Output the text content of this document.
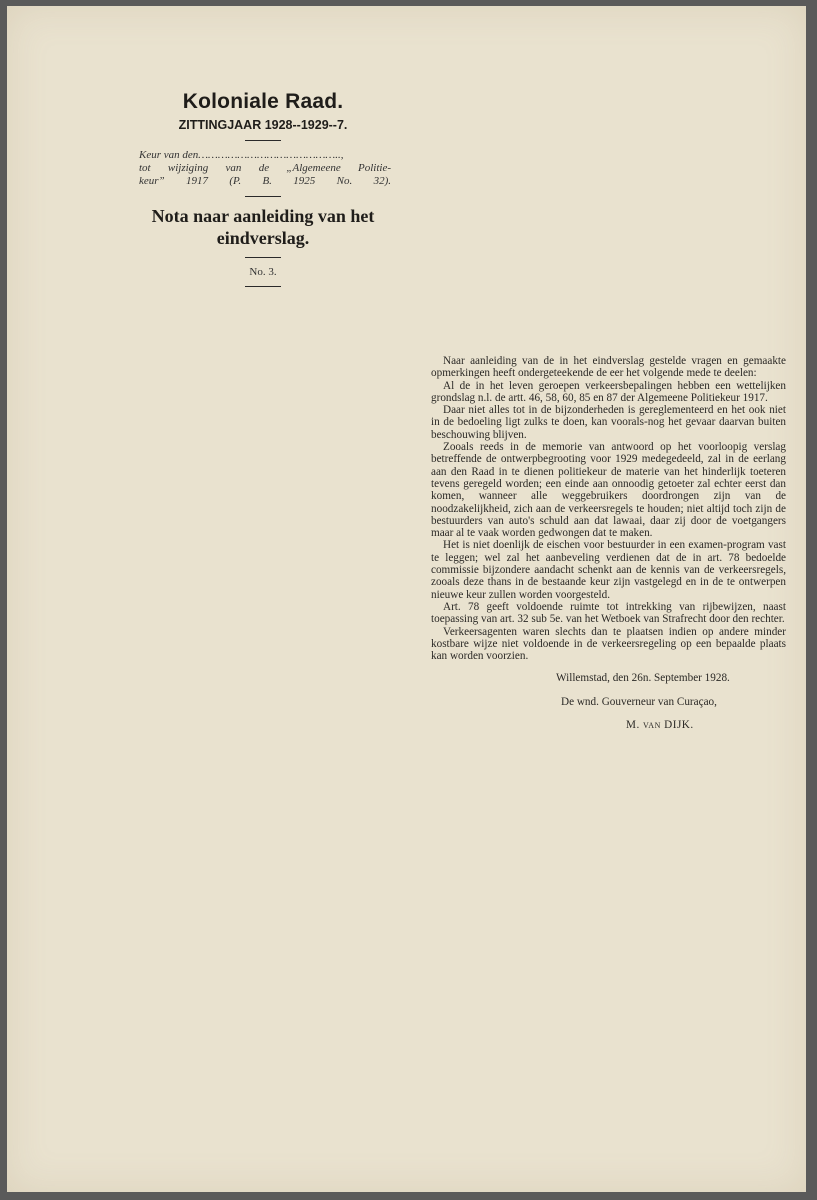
Koloniale Raad.
ZITTINGJAAR 1928--1929--7.
Keur van den……………………………………..,
tot wijziging van de „Algemeene Politie-
keur” 1917 (P. B. 1925 No. 32).
Nota naar aanleiding van het eindverslag.
No. 3.

Naar aanleiding van de in het eindverslag gestelde vragen en gemaakte opmerkingen heeft ondergeteekende de eer het volgende mede te deelen:

Al de in het leven geroepen verkeersbepalingen hebben een wettelijken grondslag n.l. de artt. 46, 58, 60, 85 en 87 der Algemeene Politiekeur 1917.

Daar niet alles tot in de bijzonderheden is gereglementeerd en het ook niet in de bedoeling ligt zulks te doen, kan voorals-nog het gevaar daarvan buiten beschouwing blijven.

Zooals reeds in de memorie van antwoord op het voorloopig verslag betreffende de ontwerpbegrooting voor 1929 medegedeeld, zal in de eerlang aan den Raad in te dienen politiekeur de materie van het hinderlijk toeteren tevens geregeld worden; een einde aan onnoodig getoeter zal echter eerst dan komen, wanneer alle weggebruikers doordrongen zijn van de noodzakelijkheid, zich aan de verkeersregels te houden; niet altijd toch zijn de bestuurders van auto's schuld aan dat lawaai, daar zij door de voetgangers maar al te vaak worden gedwongen dat te maken.

Het is niet doenlijk de eischen voor bestuurder in een examen-program vast te leggen; wel zal het aanbeveling verdienen dat de in art. 78 bedoelde commissie bijzondere aandacht schenkt aan de kennis van de verkeersregels, zooals deze thans in de bestaande keur zijn vastgelegd en in de te ontwerpen nieuwe keur zullen worden voorgesteld.

Art. 78 geeft voldoende ruimte tot intrekking van rijbewijzen, naast toepassing van art. 32 sub 5e. van het Wetboek van Strafrecht door den rechter.

Verkeersagenten waren slechts dan te plaatsen indien op andere minder kostbare wijze niet voldoende in de verkeersregeling op een bepaalde plaats kan worden voorzien.

Willemstad, den 26n. September 1928.
De wnd. Gouverneur van Curaçao,
M. van DIJK.
